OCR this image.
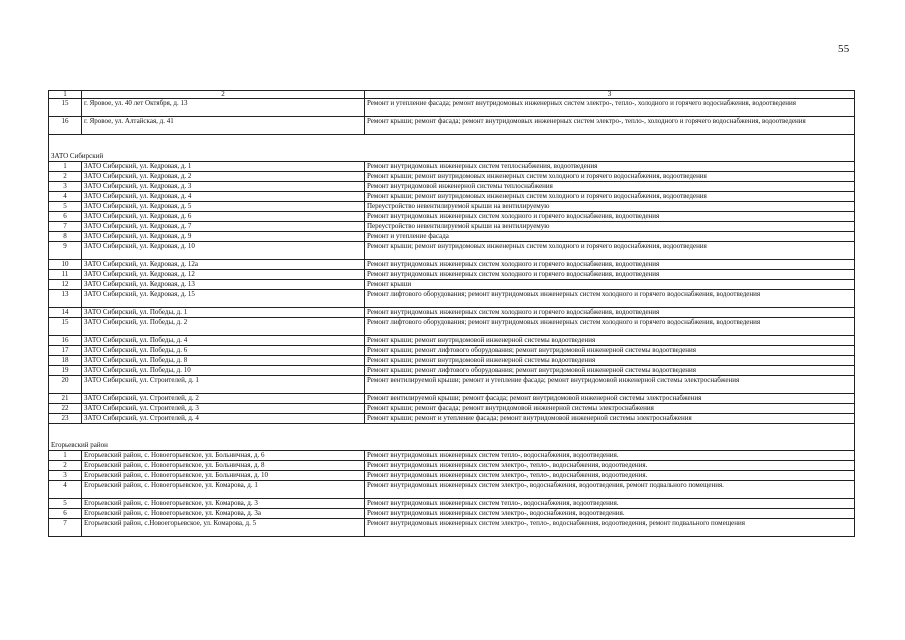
55
1	2	3
15	г. Яровое, ул. 40 лет Октября, д. 13	Ремонт и утепление фасада; ремонт внутридомовых инженерных систем электро-, тепло-, холодного и горячего водоснабжения, водоотведения
16	г. Яровое, ул. Алтайская, д. 41	Ремонт крыши; ремонт фасада; ремонт внутридомовых инженерных систем электро-, тепло-, холодного и горячего водоснабжения, водоотведения
ЗАТО Сибирский		
1	ЗАТО Сибирский, ул. Кедровая, д. 1	Ремонт внутридомовых инженерных систем теплоснабжения, водоотведения
2	ЗАТО Сибирский, ул. Кедровая, д. 2	Ремонт крыши; ремонт внутридомовых инженерных систем холодного и горячего водоснабжения, водоотведения
3	ЗАТО Сибирский, ул. Кедровая, д. 3	Ремонт внутридомовой инженерной системы теплоснабжения
4	ЗАТО Сибирский, ул. Кедровая, д. 4	Ремонт крыши; ремонт внутридомовых инженерных систем холодного и горячего водоснабжения, водоотведения
5	ЗАТО Сибирский, ул. Кедровая, д. 5	Переустройство невентилируемой крыши на вентилируемую
6	ЗАТО Сибирский, ул. Кедровая, д. 6	Ремонт внутридомовых инженерных систем холодного и горячего водоснабжения, водоотведения
7	ЗАТО Сибирский, ул. Кедровая, д. 7	Переустройство невентилируемой крыши на вентилируемую
8	ЗАТО Сибирский, ул. Кедровая, д. 9	Ремонт и утепление фасада
9	ЗАТО Сибирский, ул. Кедровая, д. 10	Ремонт крыши; ремонт внутридомовых инженерных систем холодного и горячего водоснабжения, водоотведения
10	ЗАТО Сибирский, ул. Кедровая, д. 12а	Ремонт внутридомовых инженерных систем холодного и горячего водоснабжения, водоотведения
11	ЗАТО Сибирский, ул. Кедровая, д. 12	Ремонт внутридомовых инженерных систем холодного и горячего водоснабжения, водоотведения
12	ЗАТО Сибирский, ул. Кедровая, д. 13	Ремонт крыши
13	ЗАТО Сибирский, ул. Кедровая, д. 15	Ремонт лифтового оборудования; ремонт внутридомовых инженерных систем холодного и горячего водоснабжения, водоотведения
14	ЗАТО Сибирский, ул. Победы, д. 1	Ремонт внутридомовых инженерных систем холодного и горячего водоснабжения, водоотведения
15	ЗАТО Сибирский, ул. Победы, д. 2	Ремонт лифтового оборудования; ремонт внутридомовых инженерных систем холодного и горячего водоснабжения, водоотведения
16	ЗАТО Сибирский, ул. Победы, д. 4	Ремонт крыши; ремонт внутридомовой инженерной системы водоотведения
17	ЗАТО Сибирский, ул. Победы, д. 6	Ремонт крыши; ремонт лифтового оборудования; ремонт внутридомовой инженерной системы водоотведения
18	ЗАТО Сибирский, ул. Победы, д. 8	Ремонт крыши; ремонт внутридомовой инженерной системы водоотведения
19	ЗАТО Сибирский, ул. Победы, д. 10	Ремонт крыши; ремонт лифтового оборудования; ремонт внутридомовой инженерной системы водоотведения
20	ЗАТО Сибирский, ул. Строителей, д. 1	Ремонт вентилируемой крыши; ремонт и утепление фасада; ремонт внутридомовой инженерной системы электроснабжения
21	ЗАТО Сибирский, ул. Строителей, д. 2	Ремонт вентилируемой крыши; ремонт фасада; ремонт внутридомовой инженерной системы электроснабжения
22	ЗАТО Сибирский, ул. Строителей, д. 3	Ремонт крыши; ремонт фасада; ремонт внутридомовой инженерной системы электроснабжения
23	ЗАТО Сибирский, ул. Строителей, д. 4	Ремонт крыши; ремонт и утепление фасада; ремонт внутридомовой инженерной системы электроснабжения
Егорьевский район		
1	Егорьевский район, с. Новоегорьевское, ул. Больничная, д. 6	Ремонт внутридомовых инженерных систем тепло-, водоснабжения, водоотведения.
2	Егорьевский район, с. Новоегорьевское, ул. Больничная, д. 8	Ремонт внутридомовых инженерных систем электро-, тепло-, водоснабжения, водоотведения.
3	Егорьевский район, с. Новоегорьевское, ул. Больничная, д. 10	Ремонт внутридомовых инженерных систем электро-, тепло-, водоснабжения, водоотведения.
4	Егорьевский район, с. Новоегорьевское, ул. Комарова, д. 1	Ремонт внутридомовых инженерных систем электро-, водоснабжения, водоотведения, ремонт подвального помещения.
5	Егорьевский район, с. Новоегорьевское, ул. Комарова, д. 3	Ремонт внутридомовых инженерных систем тепло-, водоснабжения, водоотведения.
6	Егорьевский район, с. Новоегорьевское, ул. Комарова, д. 3а	Ремонт внутридомовых инженерных систем электро-, водоснабжения, водоотведения.
7	Егорьевский район, с.Новоегорьевское, ул. Комарова, д. 5	Ремонт внутридомовых инженерных систем электро-, тепло-, водоснабжения, водоотведения, ремонт подвального помещения
